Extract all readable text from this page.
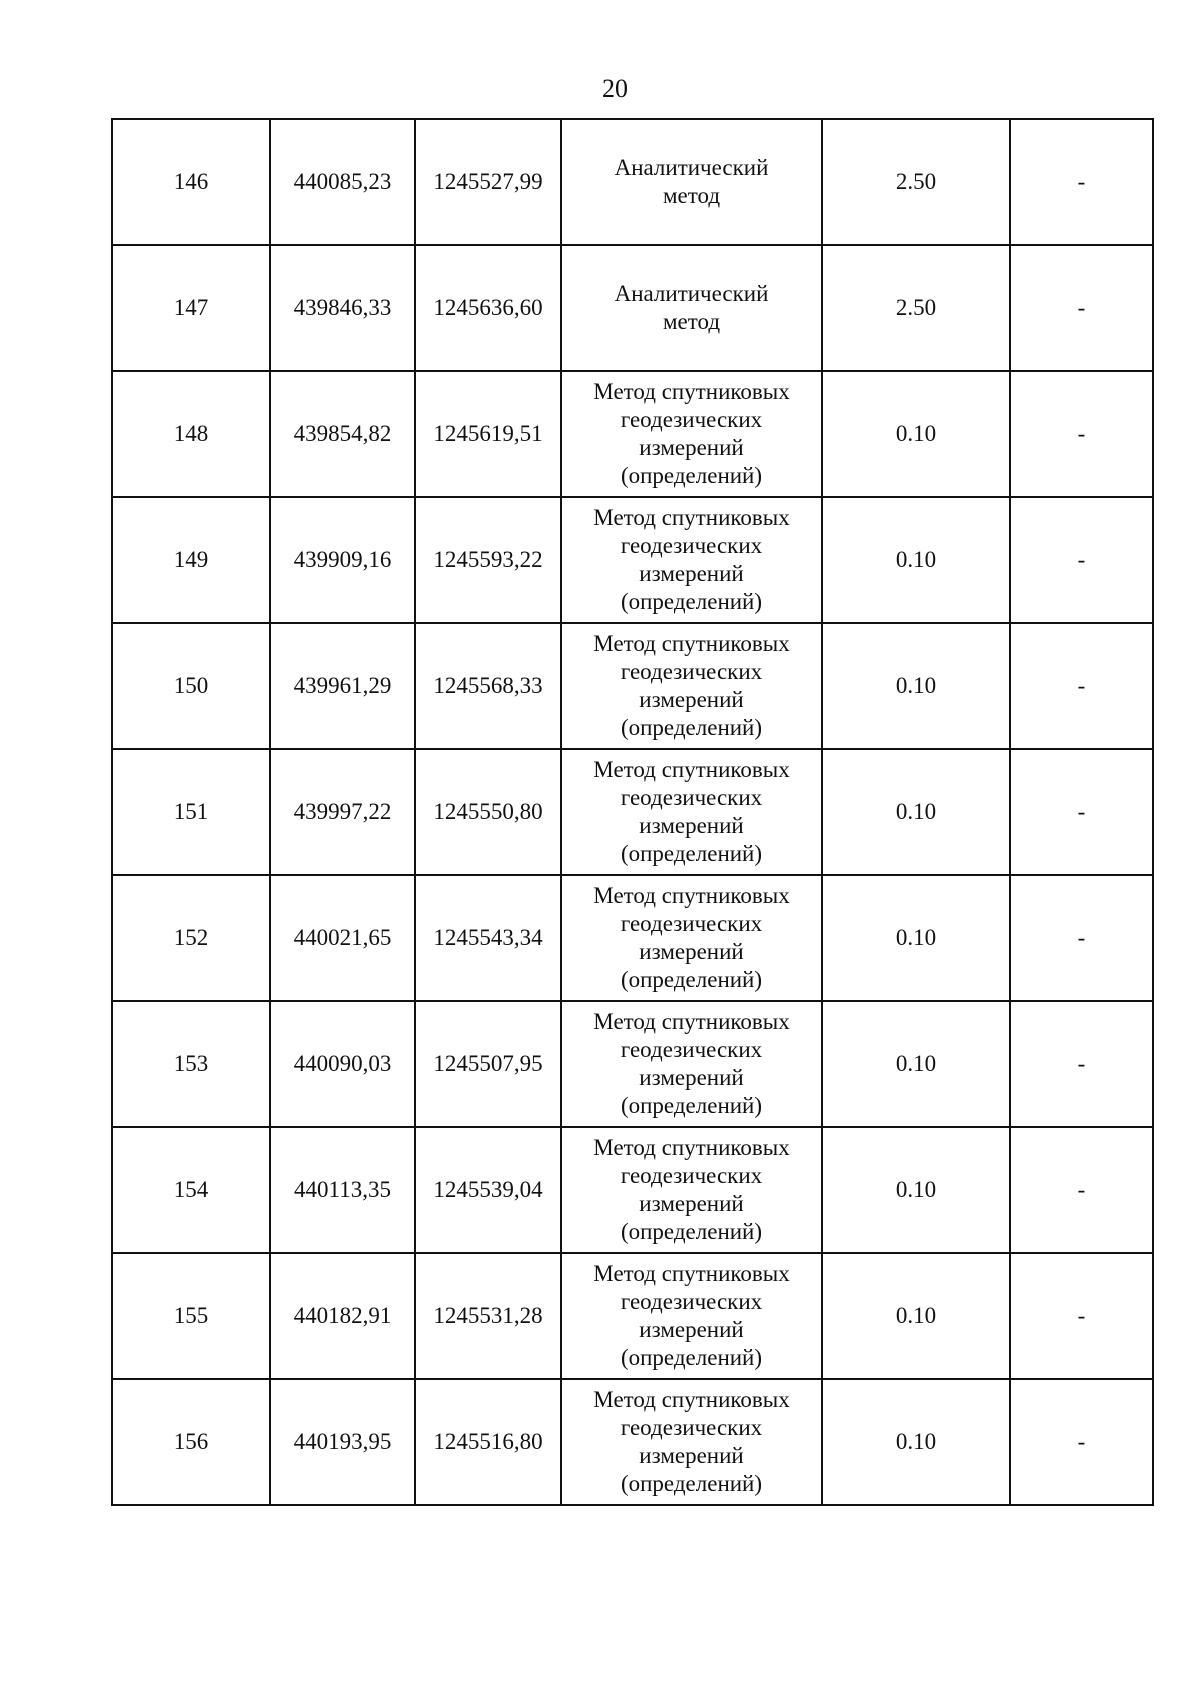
20
146	440085,23	1245527,99	Аналитический
метод	2.50	-
147	439846,33	1245636,60	Аналитический
метод	2.50	-
148	439854,82	1245619,51	Метод спутниковых
геодезических
измерений
(определений)	0.10	-
149	439909,16	1245593,22	Метод спутниковых
геодезических
измерений
(определений)	0.10	-
150	439961,29	1245568,33	Метод спутниковых
геодезических
измерений
(определений)	0.10	-
151	439997,22	1245550,80	Метод спутниковых
геодезических
измерений
(определений)	0.10	-
152	440021,65	1245543,34	Метод спутниковых
геодезических
измерений
(определений)	0.10	-
153	440090,03	1245507,95	Метод спутниковых
геодезических
измерений
(определений)	0.10	-
154	440113,35	1245539,04	Метод спутниковых
геодезических
измерений
(определений)	0.10	-
155	440182,91	1245531,28	Метод спутниковых
геодезических
измерений
(определений)	0.10	-
156	440193,95	1245516,80	Метод спутниковых
геодезических
измерений
(определений)	0.10	-
